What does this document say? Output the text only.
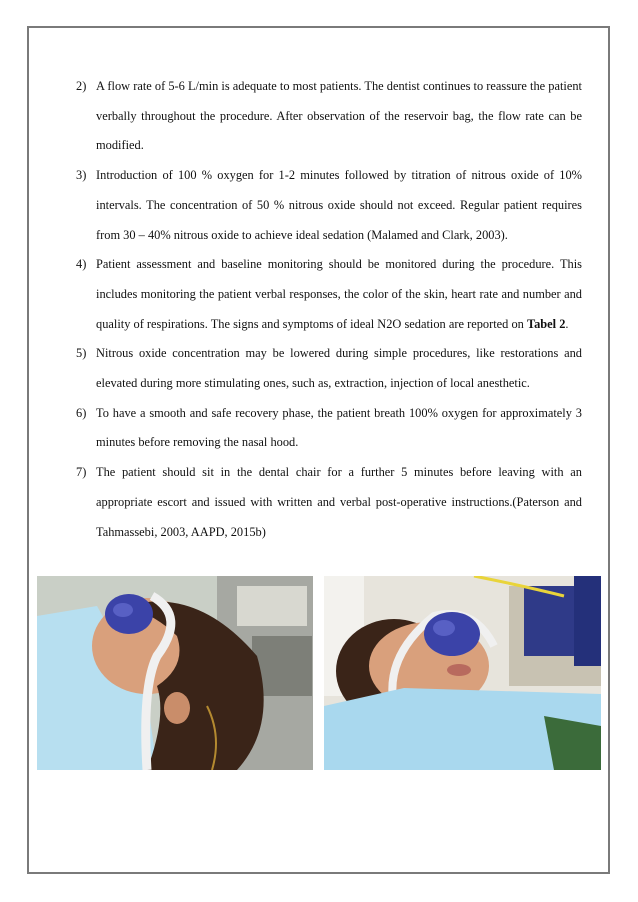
2) A flow rate of 5-6 L/min is adequate to most patients. The dentist continues to reassure the patient verbally throughout the procedure. After observation of the reservoir bag, the flow rate can be modified.
3) Introduction of 100 % oxygen for 1-2 minutes followed by titration of nitrous oxide of 10% intervals. The concentration of 50 % nitrous oxide should not exceed. Regular patient requires from 30 – 40% nitrous oxide to achieve ideal sedation (Malamed and Clark, 2003).
4) Patient assessment and baseline monitoring should be monitored during the procedure. This includes monitoring the patient verbal responses, the color of the skin, heart rate and number and quality of respirations. The signs and symptoms of ideal N2O sedation are reported on Tabel 2.
5) Nitrous oxide concentration may be lowered during simple procedures, like restorations and elevated during more stimulating ones, such as, extraction, injection of local anesthetic.
6) To have a smooth and safe recovery phase, the patient breath 100% oxygen for approximately 3 minutes before removing the nasal hood.
7) The patient should sit in the dental chair for a further 5 minutes before leaving with an appropriate escort and issued with written and verbal post-operative instructions.(Paterson and Tahmassebi, 2003, AAPD, 2015b)
